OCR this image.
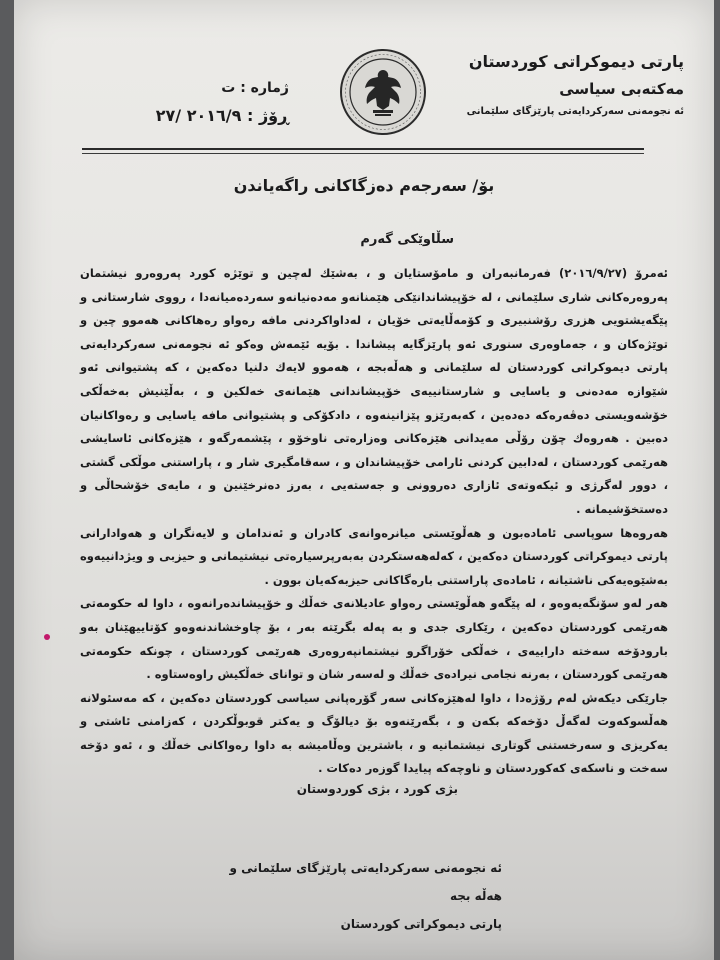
ژماره : ت
ڕۆژ : ٢٠١٦/٩ /٢٧
پارتی دیموکراتی کوردستان
مەکتەبی سیاسی
ئه نجومەنی سەرکردایەتی پارێزگای سلێمانی
بۆ/ سەرجەم دەزگاکانی راگەیاندن
سڵاوێکی گەرم

ئەمرۆ (٢٠١٦/٩/٢٧) فەرمانبەران و مامۆستایان و ، بەشێك لەچین و توێژە کورد پەروەرو نیشتمان پەروەرەکانی شاری سلێمانی ، لە خۆپیشاندانێکی هێمنانەو مەدەنیانەو سەردەمیانەدا ، رووی شارستانی و پێگەیشتویی هزری رۆشنبیری و کۆمەڵایەتی خۆیان ، لەداواکردنی مافە رەواو رەهاکانی هەموو چین و توێژەکان و ، جەماوەری سنوری ئەو پارێزگایە پیشاندا . بۆیە ئێمەش وەکو ئە نجومەنی سەرکردایەتی پارتی دیموکراتی کوردستان لە سلێمانی و هەڵەبجە ، هەموو لایەك دلنیا دەکەین ، کە پشتیوانی ئەو شێوازە مەدەنی و یاسایی و شارستانییەی خۆپیشاندانی هێمانەی خەلکین و ، بەڵێنیش بەخەڵکی خۆشەویستی دەڤەرەکە دەدەین ، کەبەرێزو پێزانینەوە ، دادکۆکی و پشتیوانی مافە یاسایی و رەواکانیان دەبین . هەروەك چۆن رۆڵی مەیدانی هێزەکانی وەزارەتی ناوخۆو ، پێشمەرگەو ، هێزەکانی ئاسایشی هەرێمی کوردستان ، لەدابین کردنی ئارامی خۆپیشاندان و ، سەقامگیری شار و ، پاراستنی موڵکی گشتی ، دوور لەگرژی و ئیکەوتەی ئازاری دەروونی و جەستەیی ، بەرز دەنرخێنین و ، مایەی خۆشحاڵی و دەستخۆشیمانە .

هەروەها سوپاسی ئامادەبون و هەڵوێستی میانرەوانەی کادران و ئەندامان و لایەنگران و هەوادارانی پارتی دیموکراتی کوردستان دەکەین ، کەلەهەستکردن بەبەرپرسیارەتی نیشتیمانی و حیزبی و ویژدانییەوە بەشێوەیەکی ناشتیانە ، ئامادەی پاراستنی بارەگاکانی حیزبەکەیان بوون .

هەر لەو سۆنگەیەوەو ، لە پێگەو هەڵوێستی رەواو عادیلانەی خەڵك و خۆپیشاندەرانەوە ، داوا لە حکومەتی هەرێمی کوردستان دەکەین ، رێکاری جدی و بە پەلە بگرێتە بەر ، بۆ چاوخشاندنەوەو کۆتاییهێنان بەو بارودۆخە سەختە داراییەی ، خەڵکی خۆراگرو نیشتمانپەروەری هەرێمی کوردستان ، چونکە حکومەتی هەرێمی کوردستان ، بەرنە نجامی نیرادەی خەڵك و لەسەر شان و توانای خەڵکیش راوەستاوە .

جارێکی دیکەش لەم رۆژەدا ، داوا لەهێزەکانی سەر گۆرەپانی سیاسی کوردستان دەکەین ، کە مەسئولانە هەڵسوکەوت لەگەڵ دۆخەکە بکەن و ، بگەرێنەوە بۆ دیالۆگ و یەکتر قوبوڵکردن ، کەزامنی ئاشتی و یەکریزی و سەرخستنی گوتاری نیشتمانیە و ، باشترین وەڵامیشە بە داوا رەواکانی خەڵك و ، ئەو دۆخە سەخت و ناسکەی کەکوردستان و ناوچەکە پیایدا گوزەر دەکات .

بژی کورد ، بژی کوردوستان
ئه نجومەنی سەرکردایەتی پارێزگای سلێمانی و هەڵە بجە
پارتی دیموکراتی کوردستان
